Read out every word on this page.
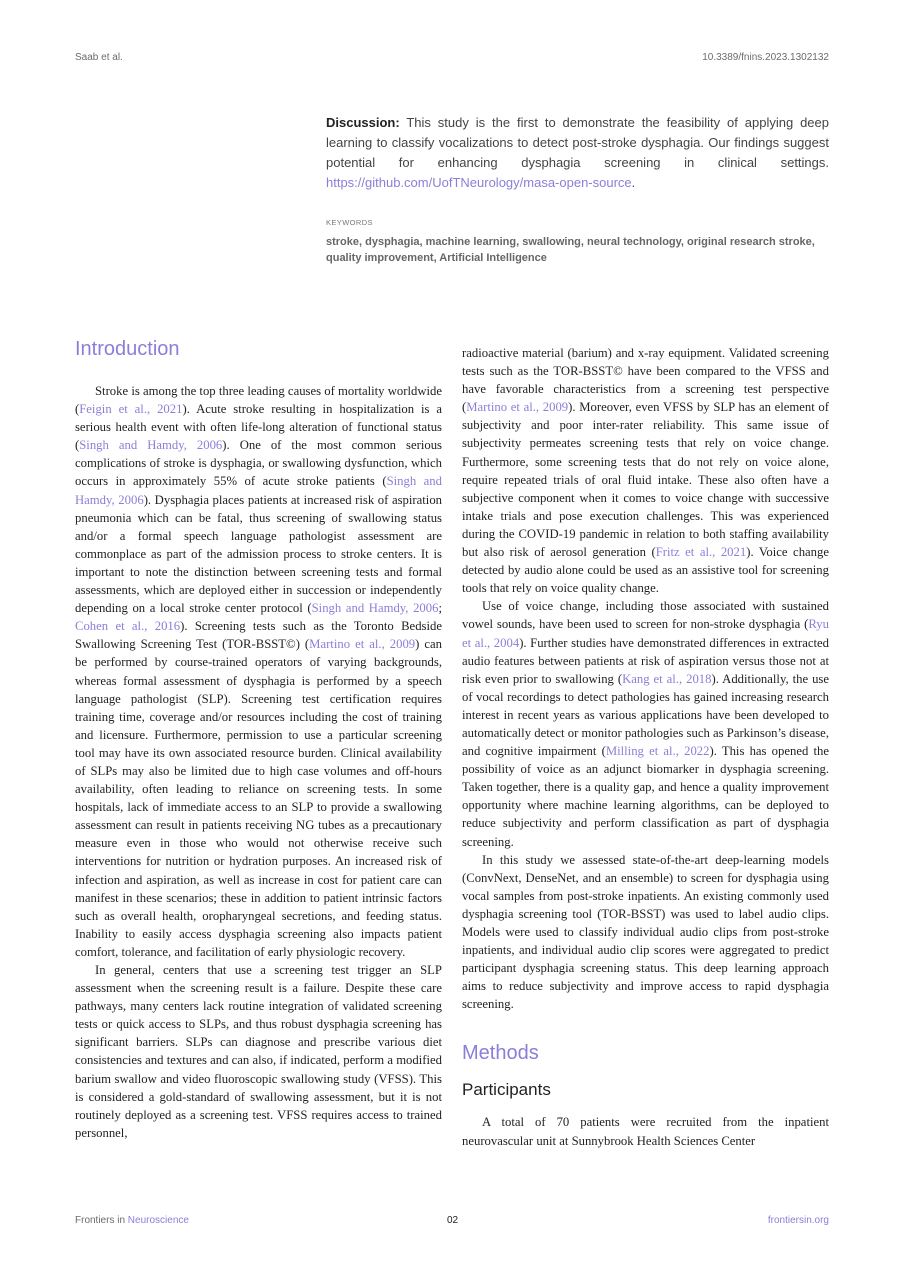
Saab et al.	10.3389/fnins.2023.1302132
Discussion: This study is the first to demonstrate the feasibility of applying deep learning to classify vocalizations to detect post-stroke dysphagia. Our findings suggest potential for enhancing dysphagia screening in clinical settings. https://github.com/UofTNeurology/masa-open-source.
KEYWORDS
stroke, dysphagia, machine learning, swallowing, neural technology, original research stroke, quality improvement, Artificial Intelligence
Introduction

Stroke is among the top three leading causes of mortality worldwide (Feigin et al., 2021). Acute stroke resulting in hospitalization is a serious health event with often life-long alteration of functional status (Singh and Hamdy, 2006). One of the most common serious complications of stroke is dysphagia, or swallowing dysfunction, which occurs in approximately 55% of acute stroke patients (Singh and Hamdy, 2006). Dysphagia places patients at increased risk of aspiration pneumonia which can be fatal, thus screening of swallowing status and/or a formal speech language pathologist assessment are commonplace as part of the admission process to stroke centers. It is important to note the distinction between screening tests and formal assessments, which are deployed either in succession or independently depending on a local stroke center protocol (Singh and Hamdy, 2006; Cohen et al., 2016). Screening tests such as the Toronto Bedside Swallowing Screening Test (TOR-BSST©) (Martino et al., 2009) can be performed by course-trained operators of varying backgrounds, whereas formal assessment of dysphagia is performed by a speech language pathologist (SLP). Screening test certification requires training time, coverage and/or resources including the cost of training and licensure. Furthermore, permission to use a particular screening tool may have its own associated resource burden. Clinical availability of SLPs may also be limited due to high case volumes and off-hours availability, often leading to reliance on screening tests. In some hospitals, lack of immediate access to an SLP to provide a swallowing assessment can result in patients receiving NG tubes as a precautionary measure even in those who would not otherwise receive such interventions for nutrition or hydration purposes. An increased risk of infection and aspiration, as well as increase in cost for patient care can manifest in these scenarios; these in addition to patient intrinsic factors such as overall health, oropharyngeal secretions, and feeding status. Inability to easily access dysphagia screening also impacts patient comfort, tolerance, and facilitation of early physiologic recovery.

In general, centers that use a screening test trigger an SLP assessment when the screening result is a failure. Despite these care pathways, many centers lack routine integration of validated screening tests or quick access to SLPs, and thus robust dysphagia screening has significant barriers. SLPs can diagnose and prescribe various diet consistencies and textures and can also, if indicated, perform a modified barium swallow and video fluoroscopic swallowing study (VFSS). This is considered a gold-standard of swallowing assessment, but it is not routinely deployed as a screening test. VFSS requires access to trained personnel,

radioactive material (barium) and x-ray equipment. Validated screening tests such as the TOR-BSST© have been compared to the VFSS and have favorable characteristics from a screening test perspective (Martino et al., 2009). Moreover, even VFSS by SLP has an element of subjectivity and poor inter-rater reliability. This same issue of subjectivity permeates screening tests that rely on voice change. Furthermore, some screening tests that do not rely on voice alone, require repeated trials of oral fluid intake. These also often have a subjective component when it comes to voice change with successive intake trials and pose execution challenges. This was experienced during the COVID-19 pandemic in relation to both staffing availability but also risk of aerosol generation (Fritz et al., 2021). Voice change detected by audio alone could be used as an assistive tool for screening tools that rely on voice quality change.

Use of voice change, including those associated with sustained vowel sounds, have been used to screen for non-stroke dysphagia (Ryu et al., 2004). Further studies have demonstrated differences in extracted audio features between patients at risk of aspiration versus those not at risk even prior to swallowing (Kang et al., 2018). Additionally, the use of vocal recordings to detect pathologies has gained increasing research interest in recent years as various applications have been developed to automatically detect or monitor pathologies such as Parkinson’s disease, and cognitive impairment (Milling et al., 2022). This has opened the possibility of voice as an adjunct biomarker in dysphagia screening. Taken together, there is a quality gap, and hence a quality improvement opportunity where machine learning algorithms, can be deployed to reduce subjectivity and perform classification as part of dysphagia screening.

In this study we assessed state-of-the-art deep-learning models (ConvNext, DenseNet, and an ensemble) to screen for dysphagia using vocal samples from post-stroke inpatients. An existing commonly used dysphagia screening tool (TOR-BSST) was used to label audio clips. Models were used to classify individual audio clips from post-stroke inpatients, and individual audio clip scores were aggregated to predict participant dysphagia screening status. This deep learning approach aims to reduce subjectivity and improve access to rapid dysphagia screening.

Methods
Participants

A total of 70 patients were recruited from the inpatient neurovascular unit at Sunnybrook Health Sciences Center

Frontiers in Neuroscience	02	frontiersin.org
